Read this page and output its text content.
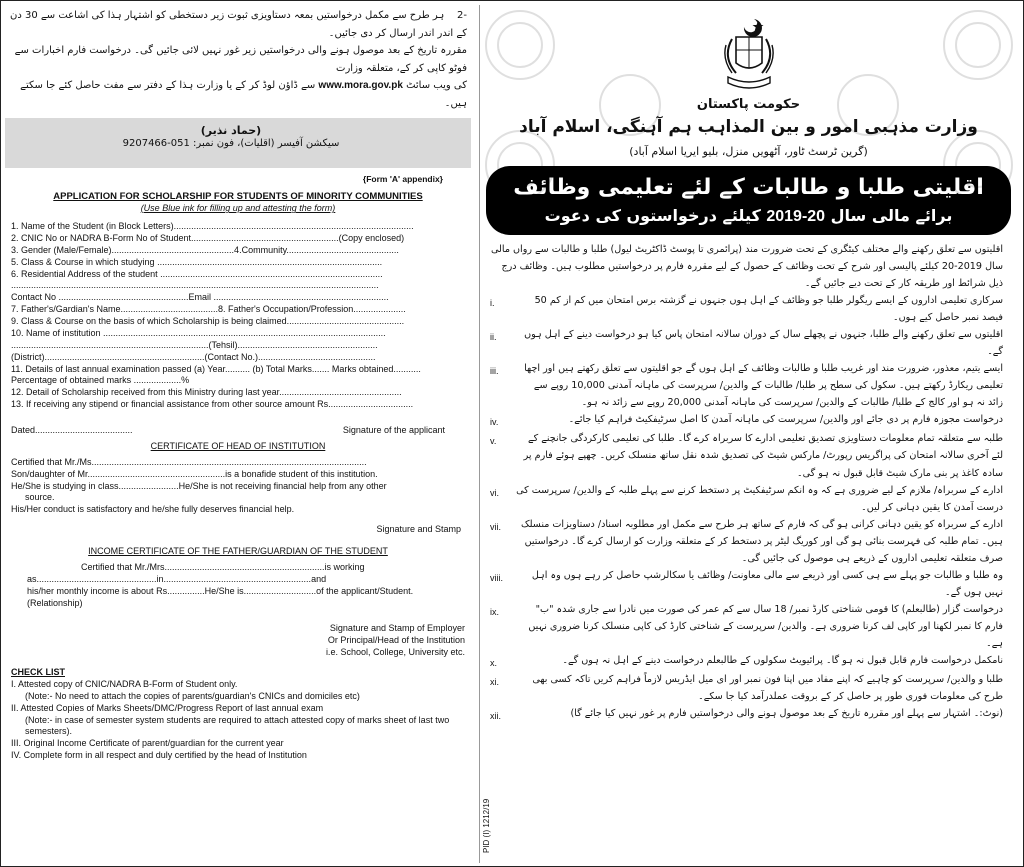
-2    ہر طرح سے مکمل درخواستیں بمعہ دستاویزی ثبوت زیر دستخطی کو اشتہار ہذا کی اشاعت سے 30 دن کے اندر اندر ارسال کر دی جائیں۔
مقررہ تاریخ کے بعد موصول ہونے والی درخواستیں زیر غور نہیں لائی جائیں گی۔ درخواست فارم اخبارات سے فوٹو کاپی کر کے، متعلقہ وزارت
کی ویب سائٹ www.mora.gov.pk سے ڈاؤن لوڈ کر کے یا وزارت ہذا کے دفتر سے مفت حاصل کئے جا سکتے ہیں۔
(حماد نذیر)
سیکشن آفیسر (اقلیات)، فون نمبر: 051-9207466
{Form 'A' appendix}
APPLICATION FOR SCHOLARSHIP FOR STUDENTS OF MINORITY COMMUNITIES
(Use Blue ink for filling up and attesting the form)
1. Name of the Student (in Block Letters)................................................................................................
2. CNIC No or NADRA B-Form No of Student...........................................................(Copy enclosed)
3. Gender (Male/Female).................................................4.Community.............................................
5. Class & Course in which studying ..........................................................................................
6. Residential Address of the student .........................................................................................
...................................................................................................................................................
Contact No ....................................................Email ......................................................................
7. Father's/Gardian's Name.......................................8. Father's Occupation/Profession.....................
9. Class & Course on the basis of which Scholarship is being claimed...............................................
10. Name of institution .................................................................................................................
...............................................................................(Tehsil)........................................................
(District)................................................................(Contact No.)...............................................
11. Details of last annual examination passed (a) Year.......... (b) Total Marks....... Marks obtained...........
Percentage of obtained marks ...................%
12. Detail of Scholarship received from this Ministry during last year.................................................
13. If receiving any stipend or financial assistance from other source amount Rs..................................
Dated.......................................	Signature of the applicant
CERTIFICATE OF HEAD OF INSTITUTION
Certified that Mr./Ms..............................................................................................................
Son/daughter of Mr.......................................................is a bonafide student of this institution.
He/She is studying in class........................He/She is not receiving financial help from any other
source.
His/Her conduct is satisfactory and he/she fully deserves financial help.
Signature and Stamp
INCOME CERTIFICATE OF THE FATHER/GUARDIAN OF THE STUDENT
Certified that Mr./Mrs................................................................is working
as................................................in...........................................................and
his/her monthly income is about Rs...............He/She is.............................of the applicant/Student.
(Relationship)
Signature and Stamp of Employer
Or Principal/Head of the Institution
i.e. School, College, University etc.
CHECK LIST
I. Attested copy of CNIC/NADRA B-Form of Student only.
(Note:- No need to attach the copies of parents/guardian's CNICs and domiciles etc)
II. Attested Copies of Marks Sheets/DMC/Progress Report of last annual exam
(Note:- in case of semester system students are required to attach attested copy of marks sheet of last two
semesters).
III. Original Income Certificate of parent/guardian for the current year
IV. Complete form in all respect and duly certified by the head of Institution
حکومت پاکستان
وزارت مذہبی امور و بین المذاہب ہم آہنگی، اسلام آباد
(گرین ٹرسٹ ٹاور، آٹھویں منزل، بلیو ایریا اسلام آباد)
اقلیتی طلبا و طالبات کے لئے تعلیمی وظائف
برائے مالی سال 2019-20 کیلئے درخواستوں کی دعوت
اقلیتوں سے تعلق رکھنے والے مختلف کیٹگری کے تحت ضرورت مند (پرائمری تا پوسٹ ڈاکٹریٹ لیول) طلبا و طالبات سے رواں مالی سال 2019-20 کیلئے پالیسی اور شرح کے تحت وظائف کے حصول کے لیے مقررہ فارم پر درخواستیں مطلوب ہیں۔ وظائف درج ذیل شرائط اور طریقہ کار کے تحت دیے جائیں گے۔
سرکاری تعلیمی اداروں کے ایسے ریگولر طلبا جو وظائف کے اہل ہوں جنہوں نے گزشتہ برس امتحان میں کم از کم 50 فیصد نمبر حاصل کیے ہوں۔
i.
اقلیتوں سے تعلق رکھنے والے طلبا، جنہوں نے پچھلے سال کے دوران سالانہ امتحان پاس کیا ہو درخواست دینے کے اہل ہوں گے۔
ii.
ایسے یتیم، معذور، ضرورت مند اور غریب طلبا و طالبات وظائف کے اہل ہوں گے جو اقلیتوں سے تعلق رکھتے ہیں اور اچھا تعلیمی ریکارڈ رکھتے ہیں۔ سکول کی سطح پر طلبا/ طالبات کے والدین/ سرپرست کی ماہانہ آمدنی 10,000 روپے سے زائد نہ ہو اور کالج کے طلبا/ طالبات کے والدین/ سرپرست کی ماہانہ آمدنی 20,000 روپے سے زائد نہ ہو۔
iii.
درخواست مجوزہ فارم پر دی جائے اور والدین/ سرپرست کی ماہانہ آمدن کا اصل سرٹیفکیٹ فراہم کیا جائے۔
iv.
طلبہ سے متعلقہ تمام معلومات دستاویزی تصدیق تعلیمی ادارے کا سربراہ کرے گا۔ طلبا کی تعلیمی کارکردگی جانچنے کے لئے آخری سالانہ امتحان کی پراگریس رپورٹ/ مارکس شیٹ کی تصدیق شدہ نقل ساتھ منسلک کریں۔ چھپے ہوئے فارم پر سادہ کاغذ پر بنی مارک شیٹ قابل قبول نہ ہو گی۔
v.
ادارے کے سربراہ/ ملازم کے لیے ضروری ہے کہ وہ انکم سرٹیفکیٹ پر دستخط کرنے سے پہلے طلبہ کے والدین/ سرپرست کی درست آمدن کا یقین دہانی کر لیں۔
vi.
ادارے کے سربراہ کو یقین دہانی کرانی ہو گی کہ فارم کے ساتھ ہر طرح سے مکمل اور مطلوبہ اسناد/ دستاویزات منسلک ہیں۔ تمام طلبہ کی فہرست بنائی ہو گی اور کوریگ لیٹر پر دستخط کر کے متعلقہ وزارت کو ارسال کرے گا۔ درخواستیں صرف متعلقہ تعلیمی اداروں کے ذریعے ہی موصول کی جائیں گی۔
vii.
وہ طلبا و طالبات جو پہلے سے ہی کسی اور ذریعے سے مالی معاونت/ وظائف یا سکالرشپ حاصل کر رہے ہوں وہ اہل نہیں ہوں گے۔
viii.
درخواست گزار (طالبعلم) کا قومی شناختی کارڈ نمبر/ 18 سال سے کم عمر کی صورت میں نادرا سے جاری شدہ "ب" فارم کا نمبر لکھنا اور کاپی لف کرنا ضروری ہے۔ والدین/ سرپرست کے شناختی کارڈ کی کاپی منسلک کرنا ضروری نہیں ہے۔
ix.
نامکمل درخواست فارم قابل قبول نہ ہو گا۔ پرائیویٹ سکولوں کے طالبعلم درخواست دینے کے اہل نہ ہوں گے۔
x.
طلبا و والدین/ سرپرست کو چاہیے کہ اپنے مفاد میں اپنا فون نمبر اور ای میل ایڈریس لازماً فراہم کریں تاکہ کسی بھی طرح کی معلومات فوری طور پر حاصل کر کے بروقت عملدرآمد کیا جا سکے۔
xi.
(نوٹ:۔ اشتہار سے پہلے اور مقررہ تاریخ کے بعد موصول ہونے والی درخواستیں فارم پر غور نہیں کیا جائے گا)
xii.
PID (I) 1212/19
